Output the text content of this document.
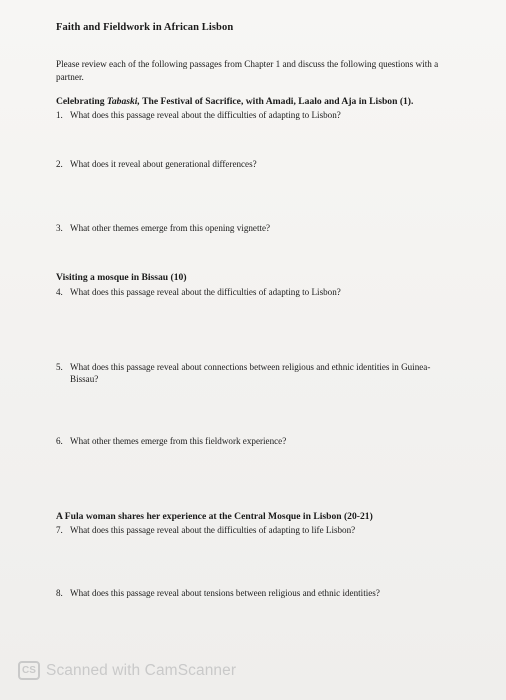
Faith and Fieldwork in African Lisbon
Please review each of the following passages from Chapter 1 and discuss the following questions with a partner.
Celebrating Tabaski, The Festival of Sacrifice, with Amadi, Laalo and Aja in Lisbon (1).
1. What does this passage reveal about the difficulties of adapting to Lisbon?
2. What does it reveal about generational differences?
3. What other themes emerge from this opening vignette?
Visiting a mosque in Bissau (10)
4. What does this passage reveal about the difficulties of adapting to Lisbon?
5. What does this passage reveal about connections between religious and ethnic identities in Guinea-Bissau?
6. What other themes emerge from this fieldwork experience?
A Fula woman shares her experience at the Central Mosque in Lisbon (20-21)
7. What does this passage reveal about the difficulties of adapting to life Lisbon?
8. What does this passage reveal about tensions between religious and ethnic identities?
CS Scanned with CamScanner
